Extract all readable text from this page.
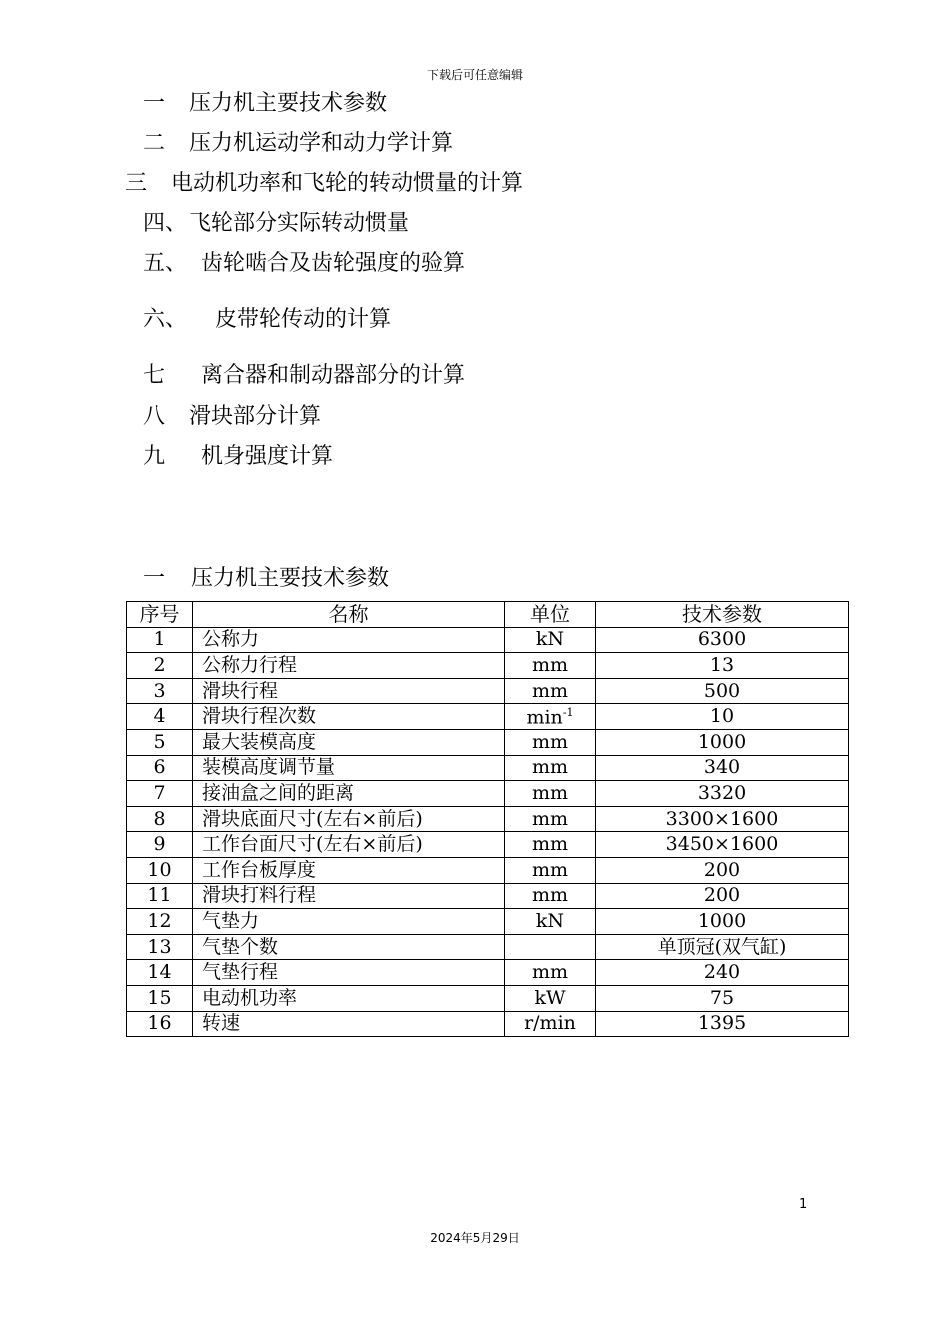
下载后可任意编辑
一 压力机主要技术参数
二 压力机运动学和动力学计算
三 电动机功率和飞轮的转动惯量的计算
四、飞轮部分实际转动惯量
五、 齿轮啮合及齿轮强度的验算
六、 皮带轮传动的计算
七 离合器和制动器部分的计算
八 滑块部分计算
九 机身强度计算
一 压力机主要技术参数
序号	名称	单位	技术参数
1	公称力	kN	6300
2	公称力行程	mm	13
3	滑块行程	mm	500
4	滑块行程次数	$\min^{-1}$	10
5	最大装模高度	mm	1000
6	装模高度调节量	mm	340
7	接油盒之间的距离	mm	3320
8	滑块底面尺寸(左右×前后)	mm	3300×1600
9	工作台面尺寸(左右×前后)	mm	3450×1600
10	工作台板厚度	mm	200
11	滑块打料行程	mm	200
12	气垫力	kN	1000
13	气垫个数		单顶冠(双气缸)
14	气垫行程	mm	240
15	电动机功率	kW	75
16	转速	r/min	1395
1
2024年5月29日
